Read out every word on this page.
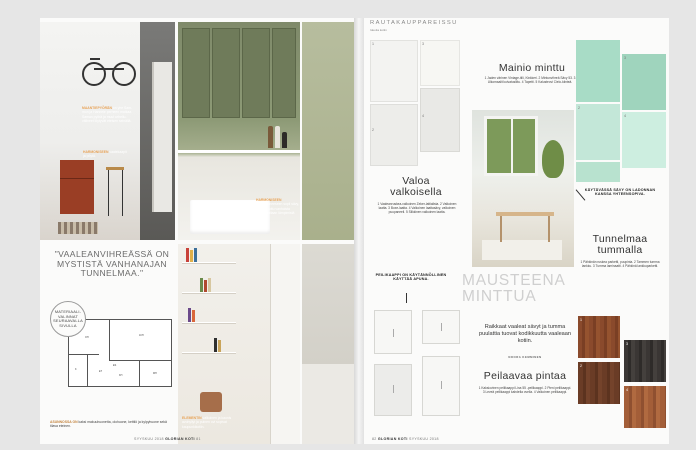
MAANTIEPYÖRÄN on yhe Sam-mun ja Hannele perheen matkaa. Saman pyörä ja muut urheilu-välineet löytyvät eteisen seinällä.
HARMONISEEN vaatekaapit ja pöytä.
HARMONISEEN kylpyhuoneeseen sopii sävy, joka on tuttu vanhoista tunnelmaltaan lämpimistä tiloista.
"VAALEANVIHREÄSSÄ ON MYSTISTÄ VANHANAJAN TUNNELMAA."
MATERIAALI-VALINNAT SEURAAVALLA SIVULLA
1KH
OH
MH
K
ET
KH
ES
ASUNNOSSA ON kaksi makuuhuonetta, olohuone, keittiö ja kylpyhuone sekä tilava eteinen.
ELEMENTIN valkoinen ja kaunis avohyllyt ja puinen ovi sopivat kaupunkikotiin.
SYYSKUU 2018 GLORIAN KOTI 81
RAUTAKAUPPAREISSU
Ideoita kotiin
1	3
2
4
Valoa valkoisella
1 Vaaleanruskea-valkoinen Zeker-lattialista. 2 Valkoinen laatta. 3 Boxe-laatta. 4 Valkoinen laattasävy, valkoinen puupaneeli. 5 Silkkinen valkoinen laatta.
Mainio minttu
1 Jaden värinen Vintage-tiili, Kinkkeri. 2 Mintunvihreä Sävy 53. 3 Ulkomaalit kuivatusliitu. 4 Tapetti. 5 Kalusteovi Cielo-kiinteä.
2
3
4
KÄYTÄVÄSSÄ SÄVY ON LADONNAN KANSSA YHTEENSOPIVA.
PEILIKAAPPI ON KÄYTÄNNÖLLINEN KÄYTTÄÄ APUNA.	MAUSTEENA MINTTUA
Raikkaat vaaleat sävyt ja tumma puulattia tuovat kodikkuutta vaaleaan kotiin.
NOORA KEMMINEN
Peilaavaa pintaa
1 Kaksiovinen peilikaappi Lina 55 -peilikaappi. 2 Pieni peilikaappi. 3 Leveä peilikaappi kahdella ovella. 4 Valkoinen peilikaappi.
Tunnelmaa tummalla
1 Pähkinän ruskea parketti, puupinta. 2 Tammen tumma lankku. 3 Tumma laminaatti. 4 Pähkinä lankkuparketti.
1
2
3
4
82 GLORIAN KOTI SYYSKUU 2018
